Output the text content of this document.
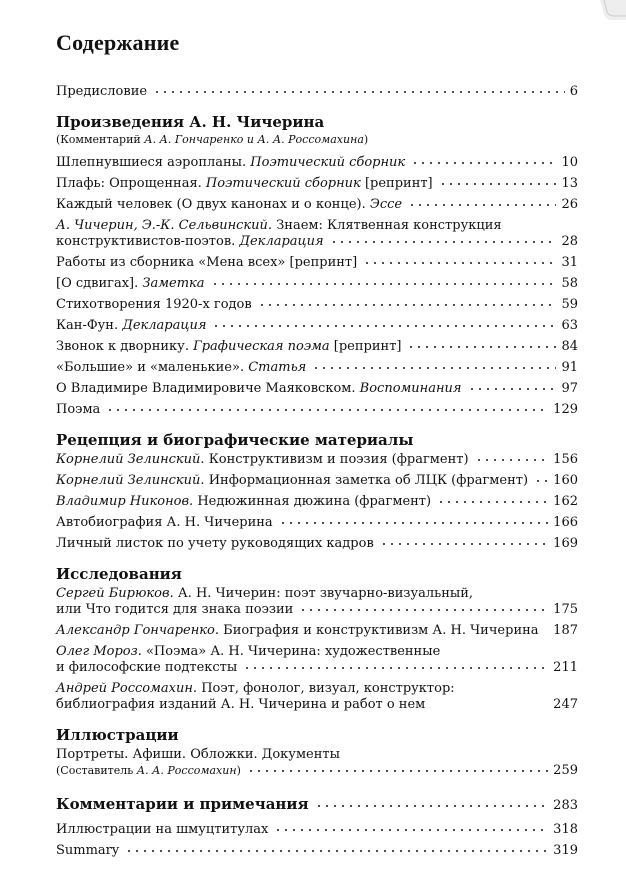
Содержание
Предисловие	6
Произведения А. Н. Чичерина
(Комментарий А. А. Гончаренко и А. А. Россомахина)
Шлепнувшиеся аэропланы. Поэтический сборник	10
Плафь: Опрощенная. Поэтический сборник [репринт]	13
Каждый человек (О двух канонах и о конце). Эссе	26
А. Чичерин, Э.-К. Сельвинский. Знаем: Клятвенная конструкция
конструктивистов-поэтов. Декларация	28
Работы из сборника «Мена всех» [репринт]	31
[О сдвигах]. Заметка	58
Стихотворения 1920-х годов	59
Кан-Фун. Декларация	63
Звонок к дворнику. Графическая поэма [репринт]	84
«Большие» и «маленькие». Статья	91
О Владимире Владимировиче Маяковском. Воспоминания	97
Поэма	129
Рецепция и биографические материалы
Корнелий Зелинский. Конструктивизм и поэзия (фрагмент)	156
Корнелий Зелинский. Информационная заметка об ЛЦК (фрагмент) 160
Владимир Никонов. Недюжинная дюжина (фрагмент)	162
Автобиография А. Н. Чичерина	166
Личный листок по учету руководящих кадров	169
Исследования
Сергей Бирюков. А. Н. Чичерин: поэт звучарно-визуальный,
или Что годится для знака поэзии	175
Александр Гончаренко. Биография и конструктивизм А. Н. Чичерина 187
Олег Мороз. «Поэма» А. Н. Чичерина: художественные
и философские подтексты	211
Андрей Россомахин. Поэт, фонолог, визуал, конструктор:
библиография изданий А. Н. Чичерина и работ о нем	247
Иллюстрации
Портреты. Афиши. Обложки. Документы
(Составитель А. А. Россомахин)	259
Комментарии и примечания	283
Иллюстрации на шмуцтитулах	318
Summary	319
